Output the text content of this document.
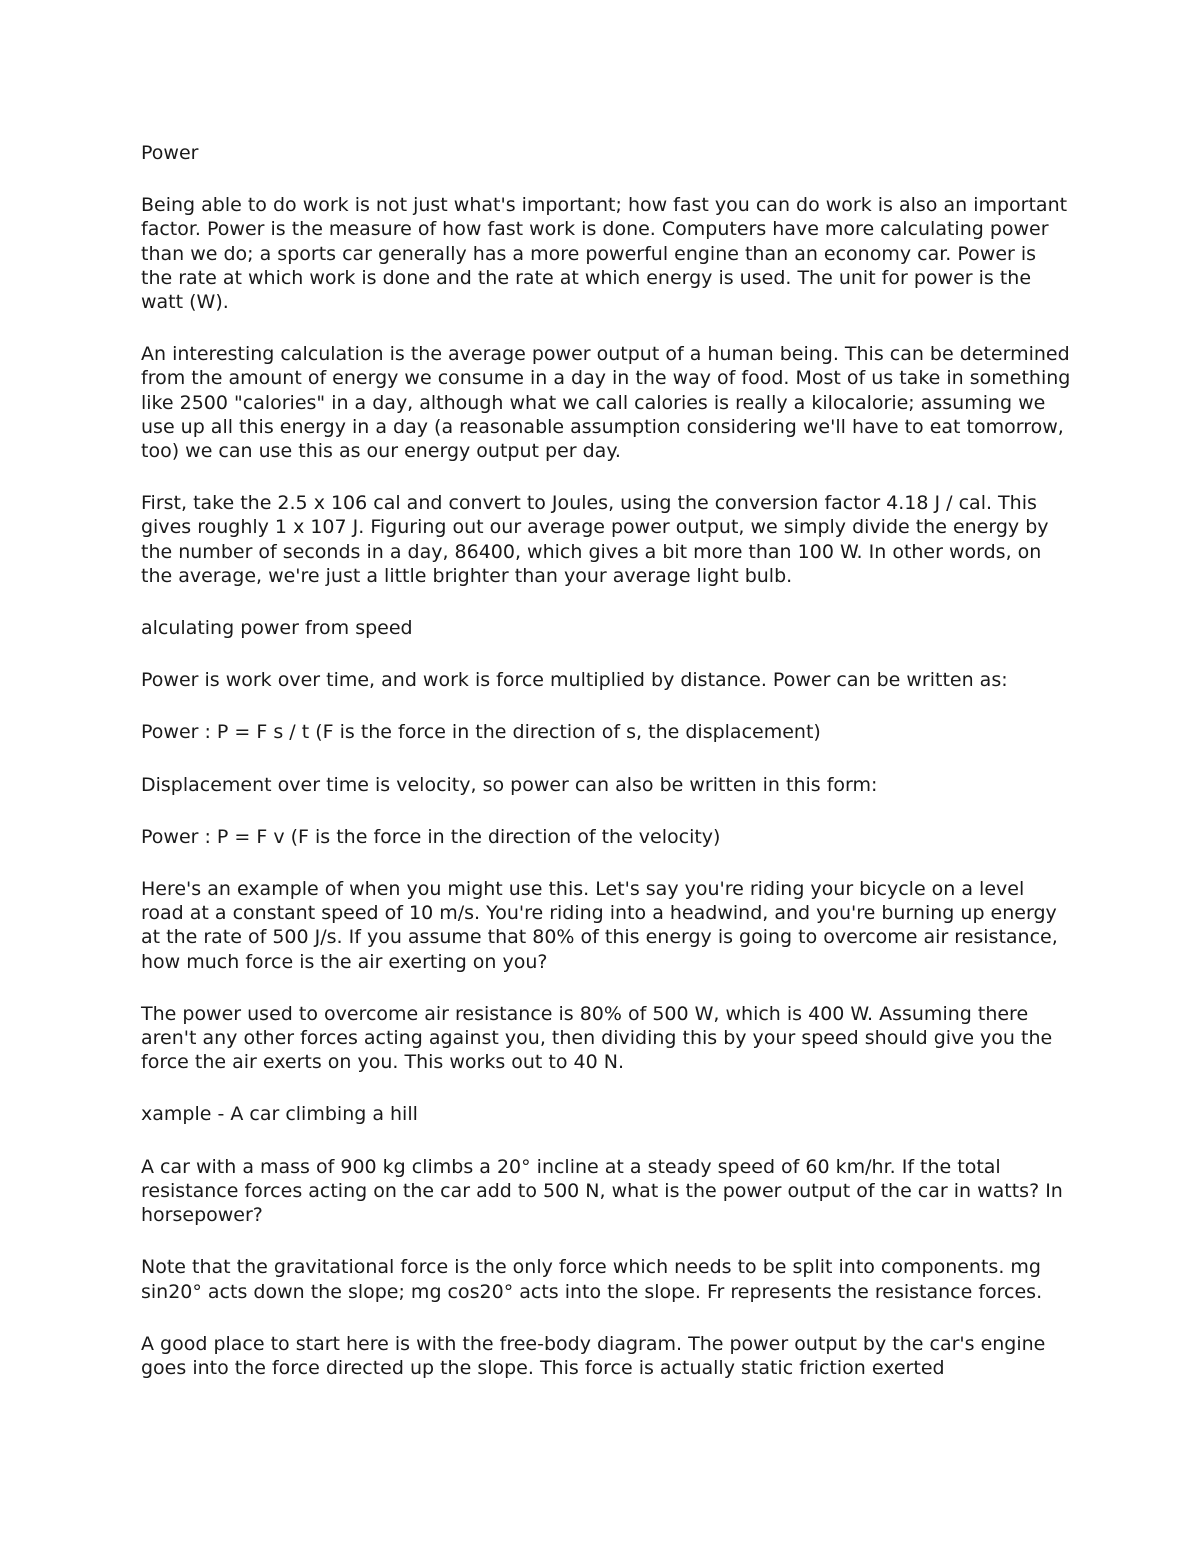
Power

Being able to do work is not just what's important; how fast you can do work is also an important factor. Power is the measure of how fast work is done. Computers have more calculating power than we do; a sports car generally has a more powerful engine than an economy car. Power is the rate at which work is done and the rate at which energy is used. The unit for power is the watt (W).

An interesting calculation is the average power output of a human being. This can be determined from the amount of energy we consume in a day in the way of food. Most of us take in something like 2500 "calories" in a day, although what we call calories is really a kilocalorie; assuming we use up all this energy in a day (a reasonable assumption considering we'll have to eat tomorrow, too) we can use this as our energy output per day.

First, take the 2.5 x 106 cal and convert to Joules, using the conversion factor 4.18 J / cal. This gives roughly 1 x 107 J. Figuring out our average power output, we simply divide the energy by the number of seconds in a day, 86400, which gives a bit more than 100 W. In other words, on the average, we're just a little brighter than your average light bulb.

alculating power from speed

Power is work over time, and work is force multiplied by distance. Power can be written as:

Power : P = F s / t (F is the force in the direction of s, the displacement)

Displacement over time is velocity, so power can also be written in this form:

Power : P = F v (F is the force in the direction of the velocity)

Here's an example of when you might use this. Let's say you're riding your bicycle on a level road at a constant speed of 10 m/s. You're riding into a headwind, and you're burning up energy at the rate of 500 J/s. If you assume that 80% of this energy is going to overcome air resistance, how much force is the air exerting on you?

The power used to overcome air resistance is 80% of 500 W, which is 400 W. Assuming there aren't any other forces acting against you, then dividing this by your speed should give you the force the air exerts on you. This works out to 40 N.

xample - A car climbing a hill

A car with a mass of 900 kg climbs a 20° incline at a steady speed of 60 km/hr. If the total resistance forces acting on the car add to 500 N, what is the power output of the car in watts? In horsepower?

Note that the gravitational force is the only force which needs to be split into components. mg sin20° acts down the slope; mg cos20° acts into the slope. Fr represents the resistance forces.

A good place to start here is with the free-body diagram. The power output by the car's engine goes into the force directed up the slope. This force is actually static friction exerted
